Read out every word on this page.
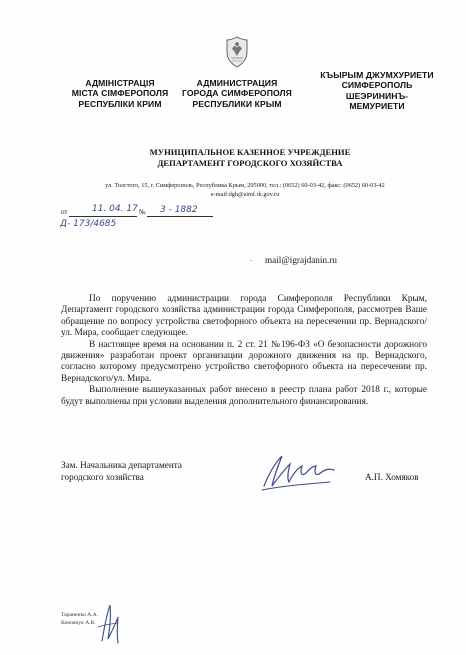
АДМІНІСТРАЦІЯ
МІСТА СІМФЕРОПОЛЯ
РЕСПУБЛІКИ КРИМ
АДМИНИСТРАЦИЯ
ГОРОДА СИМФЕРОПОЛЯ
РЕСПУБЛИКИ КРЫМ
КЪЫРЫМ ДЖУМХУРИЕТИ
СИМФЕРОПОЛЬ
ШЕЭРИНИНЪ-
МЕМУРИЕТИ
МУНИЦИПАЛЬНОЕ КАЗЕННОЕ УЧРЕЖДЕНИЕ
ДЕПАРТАМЕНТ ГОРОДСКОГО ХОЗЯЙСТВА
ул. Толстого, 15, г. Симферополь, Республика Крым, 295000, тел.: (0652) 60-03-42, факс: (0652) 60-03-42
e-mail:dgh@simf.rk.gov.ru
от	№
11. 04. 17 3 - 1882
Д- 173/4685
⌐ mail@igrajdanin.ru

По поручению администрации города Симферополя Республики Крым, Департамент городского хозяйства администрации города Симферополя, рассмотрев Ваше обращение по вопросу устройства светофорного объекта на пересечении пр. Вернадского/ул. Мира, сообщает следующее.

В настоящее время на основании п. 2 ст. 21 №196-ФЗ «О безопасности дорожного движения» разработан проект организации дорожного движения на пр. Вернадского, согласно которому предусмотрено устройство светофорного объекта на пересечении пр. Вернадского/ул. Мира.

Выполнение вышеуказанных работ внесено в реестр плана работ 2018 г., которые будут выполнены при условии выделения дополнительного финансирования.

Зам. Начальника департамента
городского хозяйства	А.П. Хомяков
Тараненко А.А.
Коновчук А.В.
